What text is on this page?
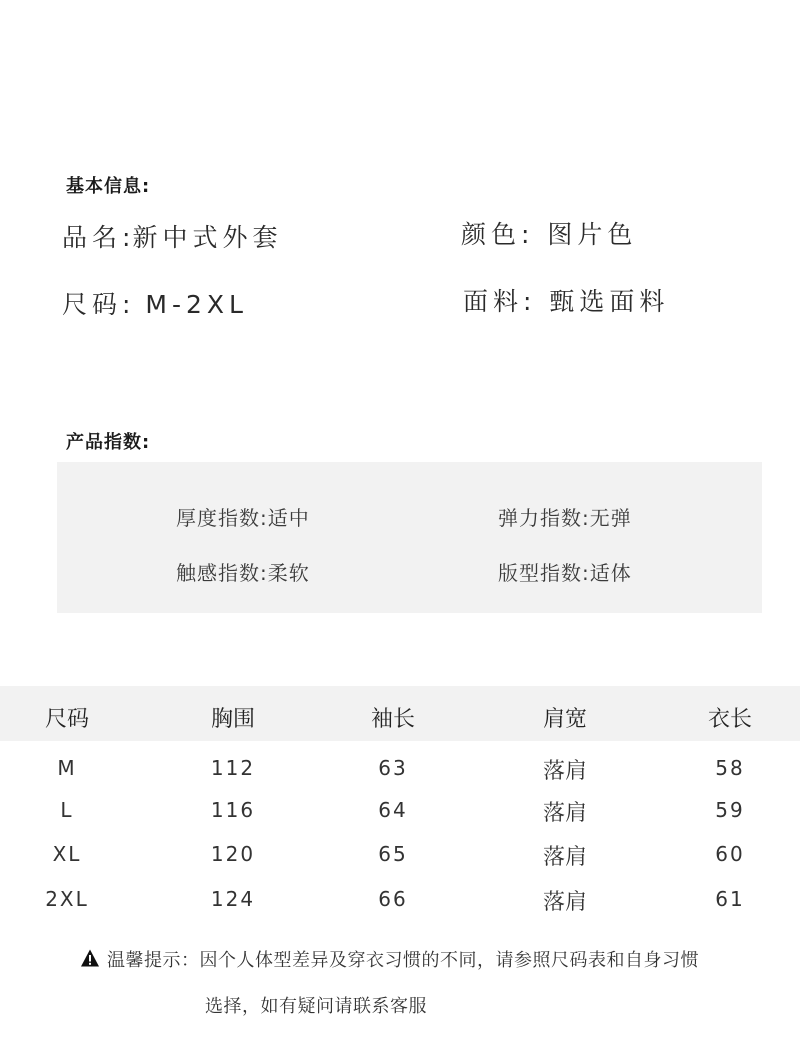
基本信息:
品名:新中式外套	颜色: 图片色
尺码: M-2XL	面料: 甄选面料
产品指数:
厚度指数:适中	弹力指数:无弹
触感指数:柔软	版型指数:适体
尺码	胸围	袖长	肩宽	衣长
M	112	63	落肩	58
L	116	64	落肩	59
XL	120	65	落肩	60
2XL	124	66	落肩	61
温馨提示：因个人体型差异及穿衣习惯的不同，请参照尺码表和自身习惯
选择，如有疑问请联系客服
